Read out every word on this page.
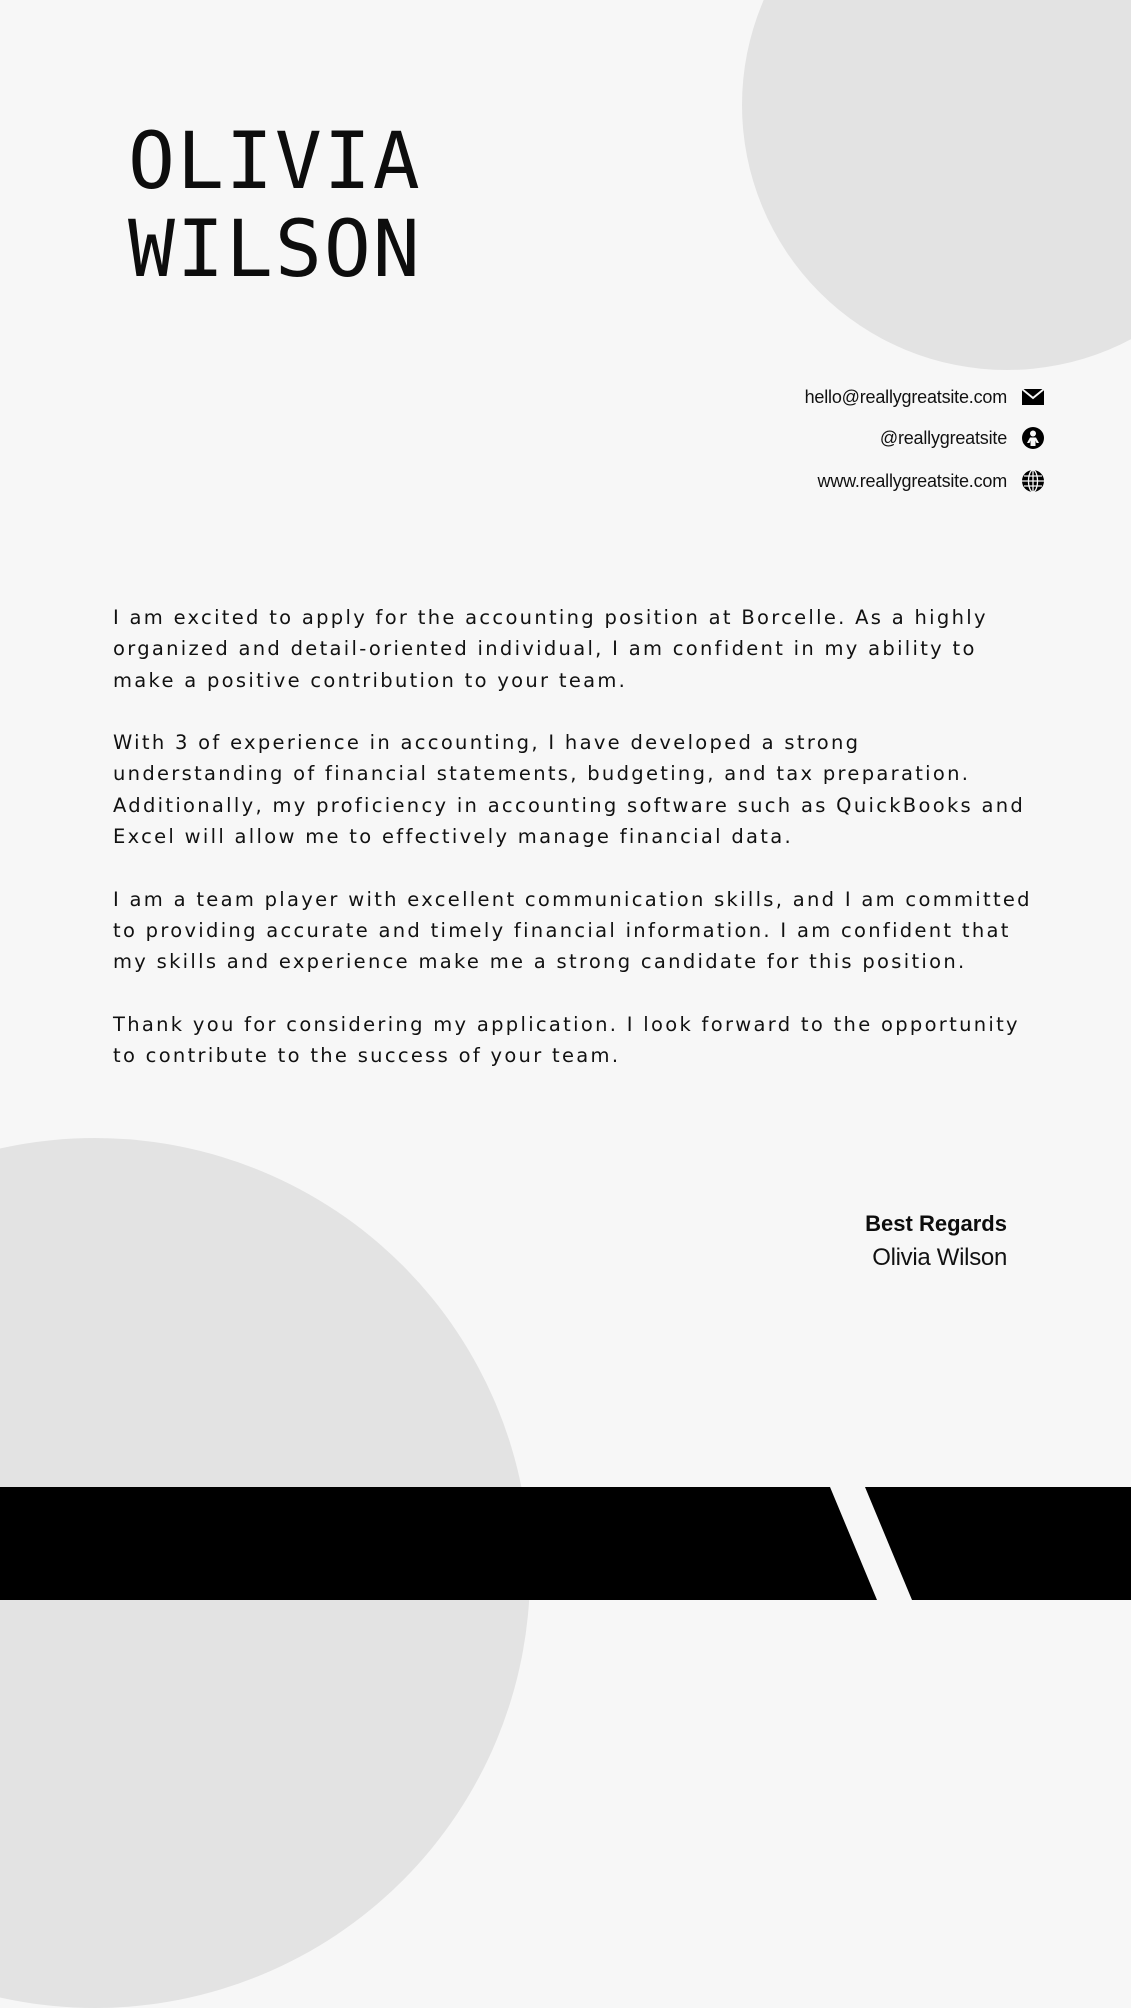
OLIVIA
WILSON
hello@reallygreatsite.com
@reallygreatsite
www.reallygreatsite.com

I am excited to apply for the accounting position at Borcelle. As a highly organized and detail-oriented individual, I am confident in my ability to make a positive contribution to your team.

With 3 of experience in accounting, I have developed a strong understanding of financial statements, budgeting, and tax preparation. Additionally, my proficiency in accounting software such as QuickBooks and Excel will allow me to effectively manage financial data.

I am a team player with excellent communication skills, and I am committed to providing accurate and timely financial information. I am confident that my skills and experience make me a strong candidate for this position.

Thank you for considering my application. I look forward to the opportunity to contribute to the success of your team.

Best Regards
Olivia Wilson
